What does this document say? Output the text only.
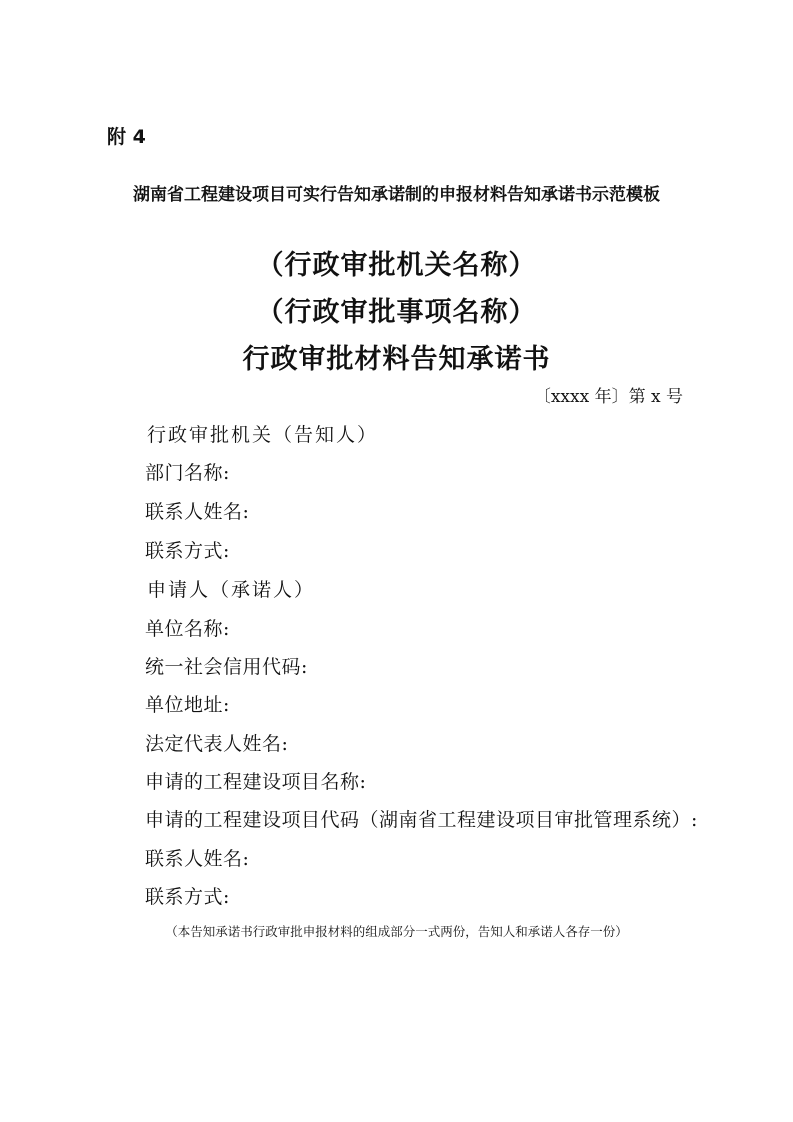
附 4
湖南省工程建设项目可实行告知承诺制的申报材料告知承诺书示范模板
（行政审批机关名称）
（行政审批事项名称）
行政审批材料告知承诺书
〔xxxx 年〕第 x 号
行政审批机关（告知人）
部门名称:
联系人姓名:
联系方式:
申请人（承诺人）
单位名称:
统一社会信用代码:
单位地址:
法定代表人姓名:
申请的工程建设项目名称:
申请的工程建设项目代码（湖南省工程建设项目审批管理系统）:
联系人姓名:
联系方式:
（本告知承诺书行政审批申报材料的组成部分一式两份，告知人和承诺人各存一份）
